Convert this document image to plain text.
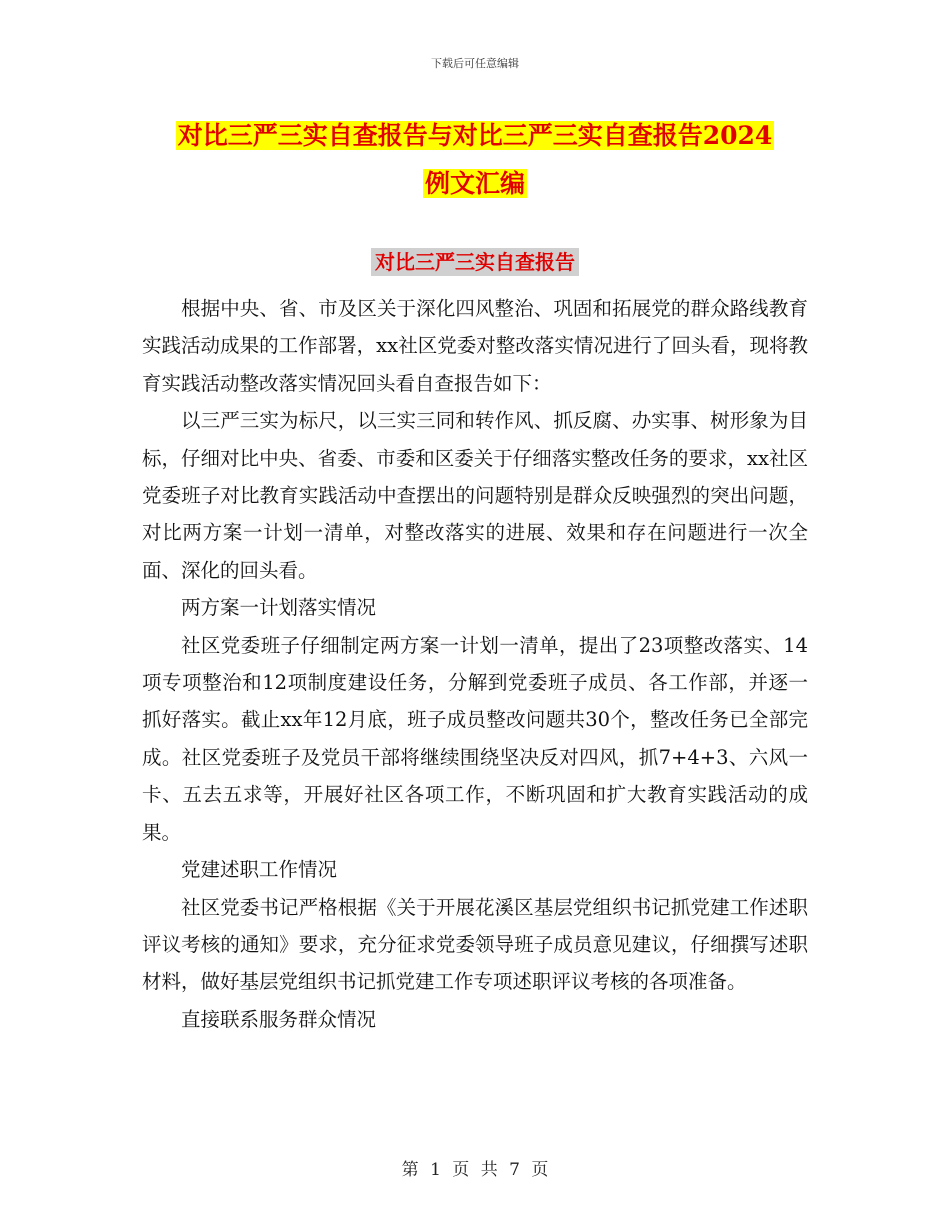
下载后可任意编辑
对比三严三实自查报告与对比三严三实自查报告2024
例文汇编
对比三严三实自查报告

根据中央、省、市及区关于深化四风整治、巩固和拓展党的群众路线教育实践活动成果的工作部署，xx社区党委对整改落实情况进行了回头看，现将教育实践活动整改落实情况回头看自查报告如下：

以三严三实为标尺，以三实三同和转作风、抓反腐、办实事、树形象为目标，仔细对比中央、省委、市委和区委关于仔细落实整改任务的要求，xx社区党委班子对比教育实践活动中查摆出的问题特别是群众反映强烈的突出问题，对比两方案一计划一清单，对整改落实的进展、效果和存在问题进行一次全面、深化的回头看。

两方案一计划落实情况

社区党委班子仔细制定两方案一计划一清单，提出了23项整改落实、14项专项整治和12项制度建设任务，分解到党委班子成员、各工作部，并逐一抓好落实。截止xx年12月底，班子成员整改问题共30个，整改任务已全部完成。社区党委班子及党员干部将继续围绕坚决反对四风，抓7+4+3、六风一卡、五去五求等，开展好社区各项工作，不断巩固和扩大教育实践活动的成果。

党建述职工作情况

社区党委书记严格根据《关于开展花溪区基层党组织书记抓党建工作述职评议考核的通知》要求，充分征求党委领导班子成员意见建议，仔细撰写述职材料，做好基层党组织书记抓党建工作专项述职评议考核的各项准备。

直接联系服务群众情况

第 1 页 共 7 页
